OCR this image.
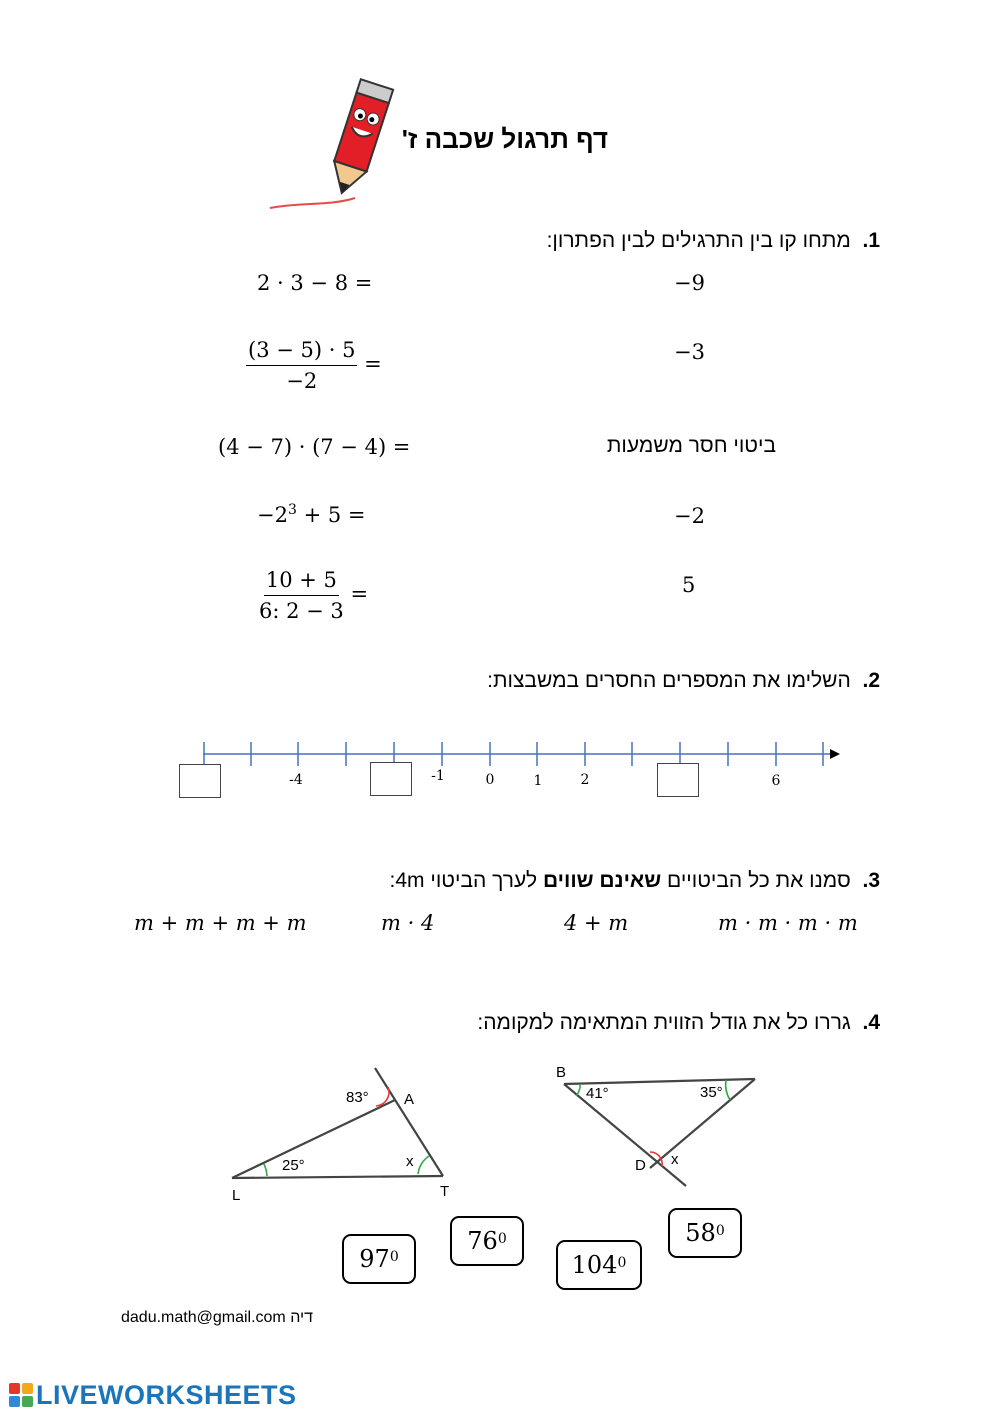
דף תרגול שכבה ז'
1.  מתחו קו בין התרגילים לבין הפתרון:
2 · 3 − 8 =
$\frac{(3 - 5) \cdot 5}{-2}$ =
(4 − 7) · (7 − 4) =
$-2^3 + 5$ =
$\frac{10 + 5}{6: 2 - 3}$ =
−9
−3
ביטוי חסר משמעות
−2
5
2.  השלימו את המספרים החסרים במשבצות:
-4	-1	0	1	2	6
3.  סמנו את כל הביטויים שאינם שווים לערך הביטוי 4m:
m + m + m + m	m · 4	4 + m	m · m · m · m
4.  גררו כל את גודל הזווית המתאימה למקומה:
83° A
25°	x
L	T
B
41°	35°
D x
$97^0$
$76^0$
$104^0$
$58^0$
dadu.math@gmail.com דיה
LIVEWORKSHEETS
